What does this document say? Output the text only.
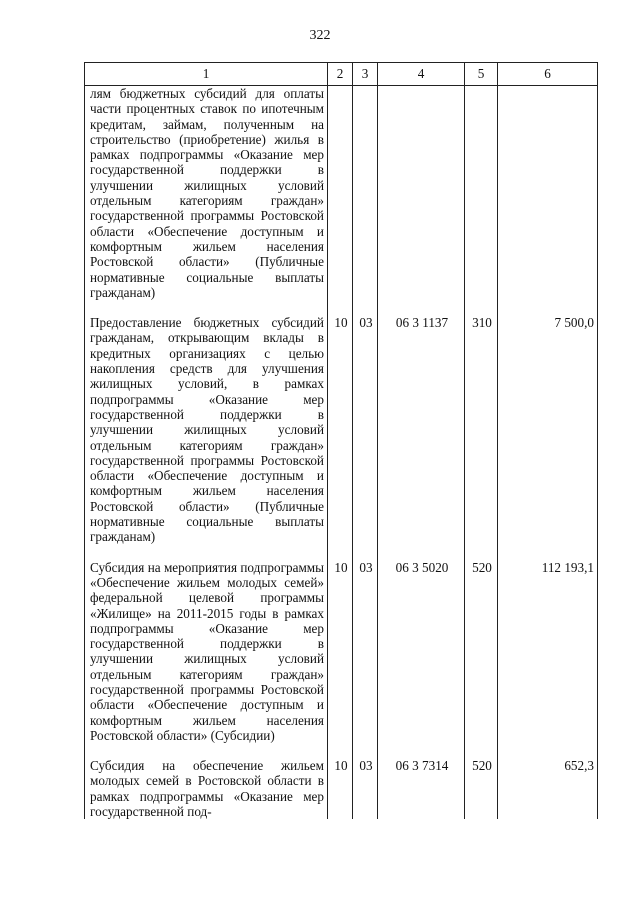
322
1	2	3	4	5	6
лям бюджетных субсидий для оплаты части процентных ставок по ипотечным кредитам, займам, полученным на строительство (приобретение) жилья в рамках подпрограммы «Оказание мер государственной поддержки в улучшении жилищных условий отдельным категориям граждан» государственной программы Ростовской области «Обеспечение доступным и комфортным жильем населения Ростовской области» (Публичные нормативные социальные выплаты гражданам)					

Предоставление бюджетных субсидий гражданам, открывающим вклады в кредитных организациях с целью накопления средств для улучшения жилищных условий, в рамках подпрограммы «Оказание мер государственной поддержки в улучшении жилищных условий отдельным категориям граждан» государственной программы Ростовской области «Обеспечение доступным и комфортным жильем населения Ростовской области» (Публичные нормативные социальные выплаты гражданам)	10	03	06 3 1137	310	7 500,0

Субсидия на мероприятия подпрограммы «Обеспечение жильем молодых семей» федеральной целевой программы «Жилище» на 2011-2015 годы в рамках подпрограммы «Оказание мер государственной поддержки в улучшении жилищных условий отдельным категориям граждан» государственной программы Ростовской области «Обеспечение доступным и комфортным жильем населения Ростовской области» (Субсидии)	10	03	06 3 5020	520	112 193,1

Субсидия на обеспечение жильем молодых семей в Ростовской области в рамках подпрограммы «Оказание мер государственной под-	10	03	06 3 7314	520	652,3
